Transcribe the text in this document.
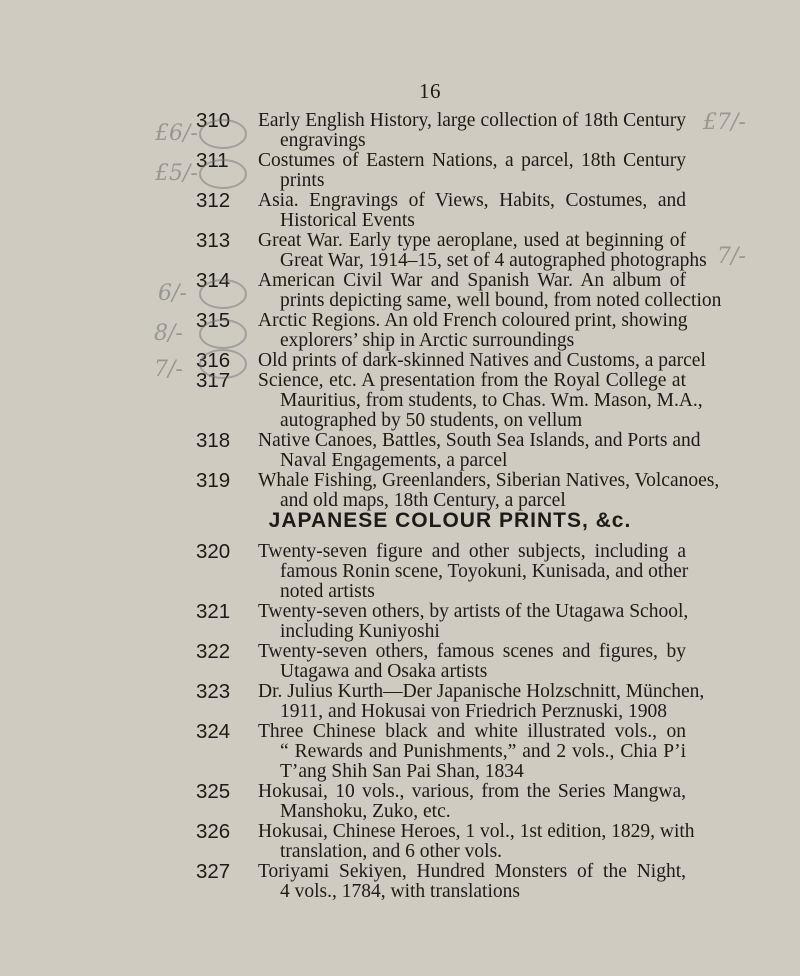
16
310	Early English History, large collection of 18th Century
engravings
311	Costumes of Eastern Nations, a parcel, 18th Century
prints
312	Asia. Engravings of Views, Habits, Costumes, and
Historical Events
313	Great War. Early type aeroplane, used at beginning of
Great War, 1914–15, set of 4 autographed photographs
314	American Civil War and Spanish War. An album of
prints depicting same, well bound, from noted collection
315	Arctic Regions. An old French coloured print, showing
explorers’ ship in Arctic surroundings
316	Old prints of dark-skinned Natives and Customs, a parcel
317	Science, etc. A presentation from the Royal College at
Mauritius, from students, to Chas. Wm. Mason, M.A.,
autographed by 50 students, on vellum
318	Native Canoes, Battles, South Sea Islands, and Ports and
Naval Engagements, a parcel
319	Whale Fishing, Greenlanders, Siberian Natives, Volcanoes,
and old maps, 18th Century, a parcel
JAPANESE COLOUR PRINTS, &c.
320	Twenty-seven figure and other subjects, including a
famous Ronin scene, Toyokuni, Kunisada, and other
noted artists
321	Twenty-seven others, by artists of the Utagawa School,
including Kuniyoshi
322	Twenty-seven others, famous scenes and figures, by
Utagawa and Osaka artists
323	Dr. Julius Kurth—Der Japanische Holzschnitt, München,
1911, and Hokusai von Friedrich Perznuski, 1908
324	Three Chinese black and white illustrated vols., on
“ Rewards and Punishments,” and 2 vols., Chia P’i
T’ang Shih San Pai Shan, 1834
325	Hokusai, 10 vols., various, from the Series Mangwa,
Manshoku, Zuko, etc.
326	Hokusai, Chinese Heroes, 1 vol., 1st edition, 1829, with
translation, and 6 other vols.
327	Toriyami Sekiyen, Hundred Monsters of the Night,
4 vols., 1784, with translations
£6/-
£5/-
6/-
8/-
7/-
£7/-
7/-
